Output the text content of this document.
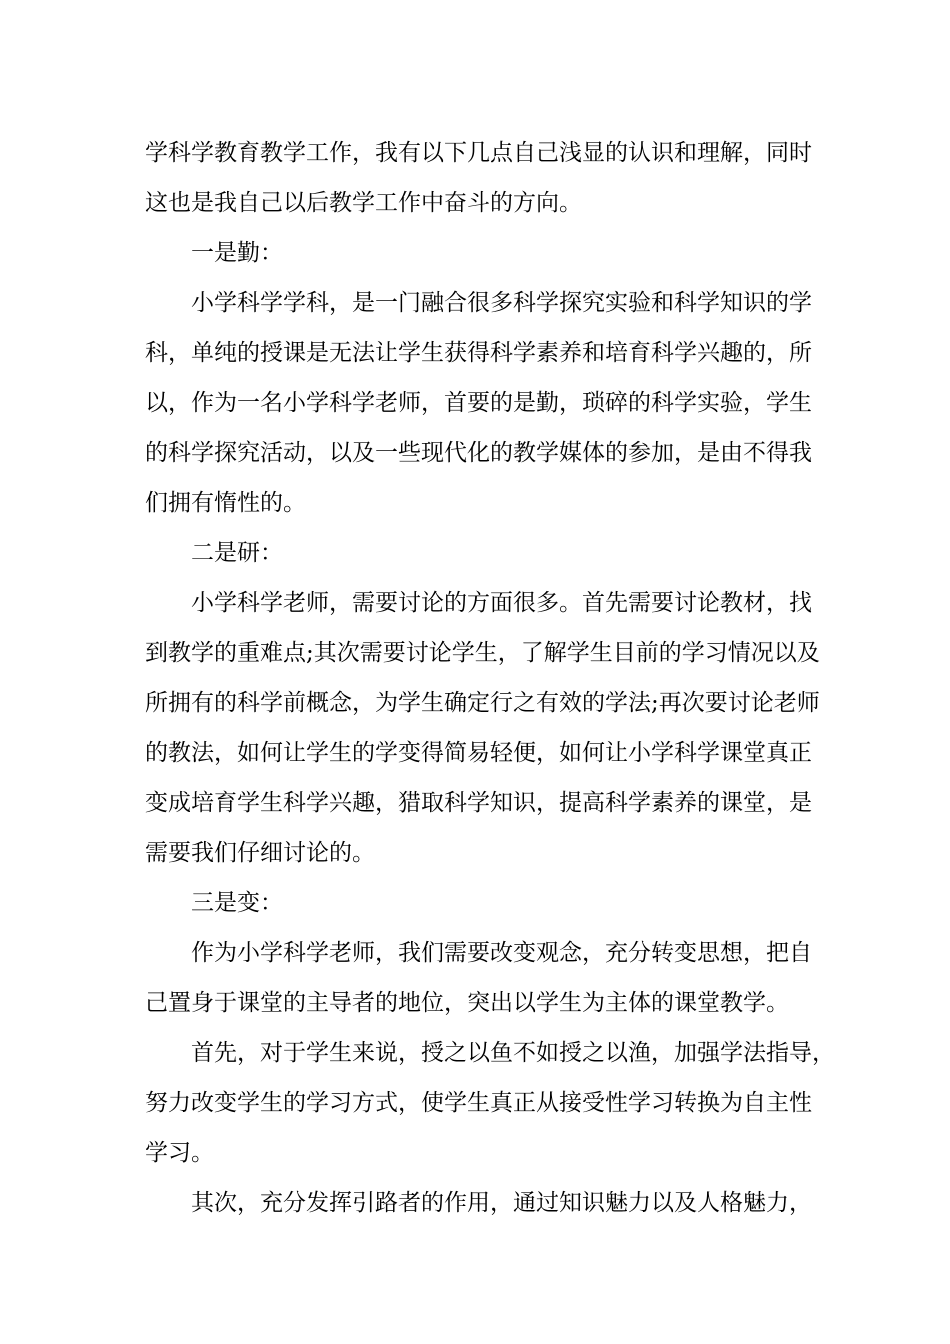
学科学教育教学工作，我有以下几点自己浅显的认识和理解，同时
这也是我自己以后教学工作中奋斗的方向。
一是勤：
小学科学学科，是一门融合很多科学探究实验和科学知识的学
科，单纯的授课是无法让学生获得科学素养和培育科学兴趣的，所
以，作为一名小学科学老师，首要的是勤，琐碎的科学实验，学生
的科学探究活动，以及一些现代化的教学媒体的参加，是由不得我
们拥有惰性的。
二是研：
小学科学老师，需要讨论的方面很多。首先需要讨论教材，找
到教学的重难点;其次需要讨论学生，了解学生目前的学习情况以及
所拥有的科学前概念，为学生确定行之有效的学法;再次要讨论老师
的教法，如何让学生的学变得简易轻便，如何让小学科学课堂真正
变成培育学生科学兴趣，猎取科学知识，提高科学素养的课堂，是
需要我们仔细讨论的。
三是变：
作为小学科学老师，我们需要改变观念，充分转变思想，把自
己置身于课堂的主导者的地位，突出以学生为主体的课堂教学。
首先，对于学生来说，授之以鱼不如授之以渔，加强学法指导，
努力改变学生的学习方式，使学生真正从接受性学习转换为自主性
学习。
其次，充分发挥引路者的作用，通过知识魅力以及人格魅力，
